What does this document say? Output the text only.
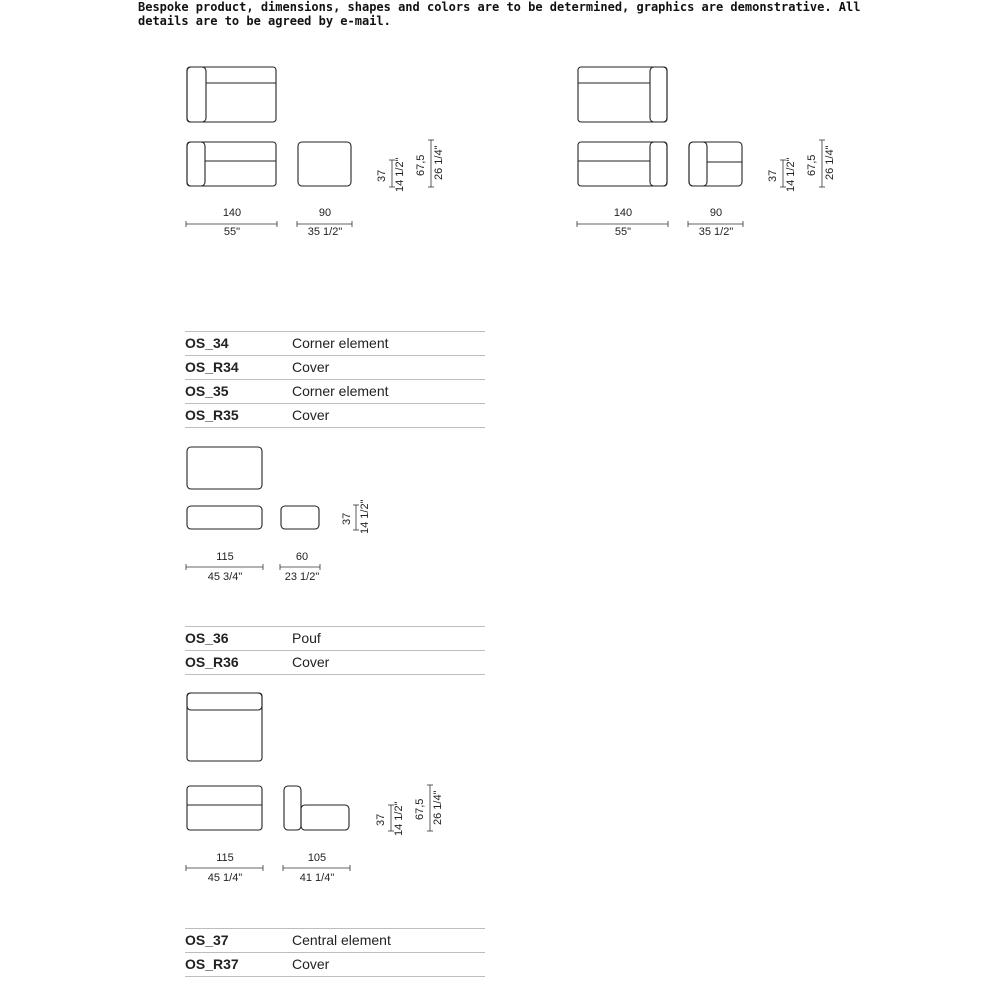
Bespoke product, dimensions, shapes and colors are to be determined, graphics are demonstrative. All details are to be agreed by e-mail.
140
55"
90
35 1/2"
37 14 1/2" 67,5 26 1/4"
140
55"
90
35 1/2"
37 14 1/2" 67,5 26 1/4"
OS_34	Corner element
OS_R34	Cover
OS_35	Corner element
OS_R35	Cover
115
45 3/4"
60
23 1/2"
37 14 1/2"
OS_36	Pouf
OS_R36	Cover
115
45 1/4"
105
41 1/4"
37 14 1/2" 67,5 26 1/4"
OS_37	Central element
OS_R37	Cover
